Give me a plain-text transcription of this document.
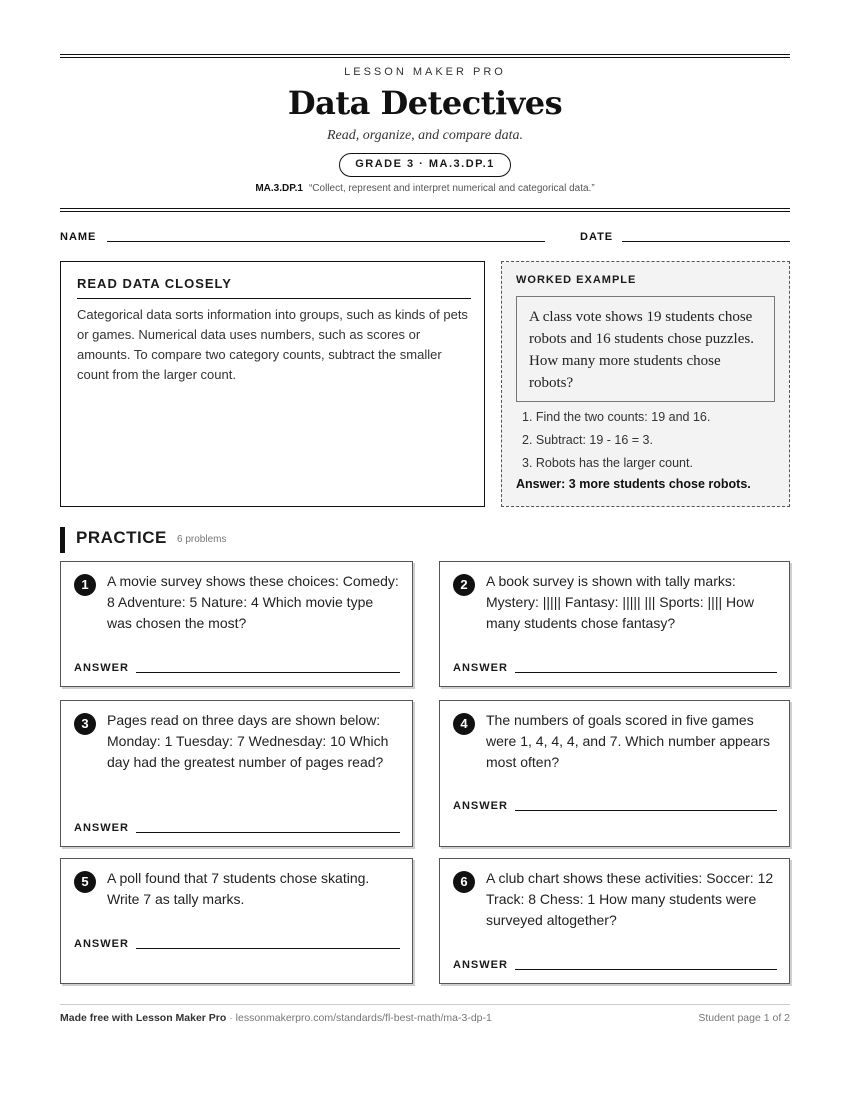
LESSON MAKER PRO
Data Detectives
Read, organize, and compare data.
GRADE 3 · MA.3.DP.1
MA.3.DP.1 “Collect, represent and interpret numerical and categorical data.”
NAME	DATE
READ DATA CLOSELY

Categorical data sorts information into groups, such as kinds of pets or games. Numerical data uses numbers, such as scores or amounts. To compare two category counts, subtract the smaller count from the larger count.

WORKED EXAMPLE
A class vote shows 19 students chose robots and 16 students chose puzzles. How many more students chose robots?
1. Find the two counts: 19 and 16.
2. Subtract: 19 - 16 = 3.
3. Robots has the larger count.
Answer: 3 more students chose robots.
PRACTICE 6 problems
1	A movie survey shows these choices: Comedy: 8 Adventure: 5 Nature: 4 Which movie type was chosen the most?
ANSWER
2	A book survey is shown with tally marks: Mystery: ||||| Fantasy: ||||| ||| Sports: |||| How many students chose fantasy?
ANSWER
3	Pages read on three days are shown below: Monday: 1 Tuesday: 7 Wednesday: 10 Which day had the greatest number of pages read?
ANSWER
4	The numbers of goals scored in five games were 1, 4, 4, 4, and 7. Which number appears most often?
ANSWER
5	A poll found that 7 students chose skating. Write 7 as tally marks.
ANSWER
6	A club chart shows these activities: Soccer: 12 Track: 8 Chess: 1 How many students were surveyed altogether?
ANSWER
Made free with Lesson Maker Pro · lessonmakerpro.com/standards/fl-best-math/ma-3-dp-1	Student page 1 of 2
